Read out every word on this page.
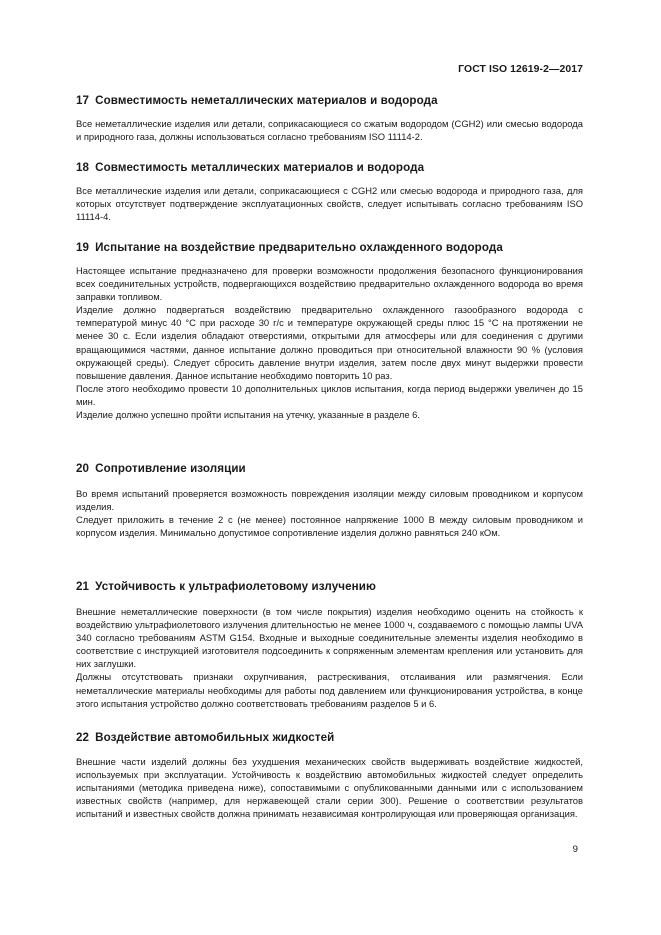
ГОСТ ISO 12619-2—2017
17 Совместимость неметаллических материалов и водорода

Все неметаллические изделия или детали, соприкасающиеся со сжатым водородом (CGH2) или смесью водорода и природного газа, должны использоваться согласно требованиям ISO 11114-2.

18 Совместимость металлических материалов и водорода

Все металлические изделия или детали, соприкасающиеся с CGH2 или смесью водорода и природного газа, для которых отсутствует подтверждение эксплуатационных свойств, следует испытывать согласно требованиям ISO 11114-4.

19 Испытание на воздействие предварительно охлажденного водорода

Настоящее испытание предназначено для проверки возможности продолжения безопасного функционирования всех соединительных устройств, подвергающихся воздействию предварительно охлажденного водорода во время заправки топливом.

Изделие должно подвергаться воздействию предварительно охлажденного газообразного водорода с температурой минус 40 °С при расходе 30 г/с и температуре окружающей среды плюс 15 °С на протяжении не менее 30 с. Если изделия обладают отверстиями, открытыми для атмосферы или для соединения с другими вращающимися частями, данное испытание должно проводиться при относительной влажности 90 % (условия окружающей среды). Следует сбросить давление внутри изделия, затем после двух минут выдержки провести повышение давления. Данное испытание необходимо повторить 10 раз.

После этого необходимо провести 10 дополнительных циклов испытания, когда период выдержки увеличен до 15 мин.

Изделие должно успешно пройти испытания на утечку, указанные в разделе 6.

20 Сопротивление изоляции

Во время испытаний проверяется возможность повреждения изоляции между силовым проводником и корпусом изделия.

Следует приложить в течение 2 с (не менее) постоянное напряжение 1000 В между силовым проводником и корпусом изделия. Минимально допустимое сопротивление изделия должно равняться 240 кОм.

21 Устойчивость к ультрафиолетовому излучению

Внешние неметаллические поверхности (в том числе покрытия) изделия необходимо оценить на стойкость к воздействию ультрафиолетового излучения длительностью не менее 1000 ч, создаваемого с помощью лампы UVA 340 согласно требованиям ASTM G154. Входные и выходные соединительные элементы изделия необходимо в соответствие с инструкцией изготовителя подсоединить к сопряженным элементам крепления или установить для них заглушки.

Должны отсутствовать признаки охрупчивания, растрескивания, отслаивания или размягчения. Если неметаллические материалы необходимы для работы под давлением или функционирования устройства, в конце этого испытания устройство должно соответствовать требованиям разделов 5 и 6.

22 Воздействие автомобильных жидкостей

Внешние части изделий должны без ухудшения механических свойств выдерживать воздействие жидкостей, используемых при эксплуатации. Устойчивость к воздействию автомобильных жидкостей следует определить испытаниями (методика приведена ниже), сопоставимыми с опубликованными данными или с использованием известных свойств (например, для нержавеющей стали серии 300). Решение о соответствии результатов испытаний и известных свойств должна принимать независимая контролирующая или проверяющая организация.

9
